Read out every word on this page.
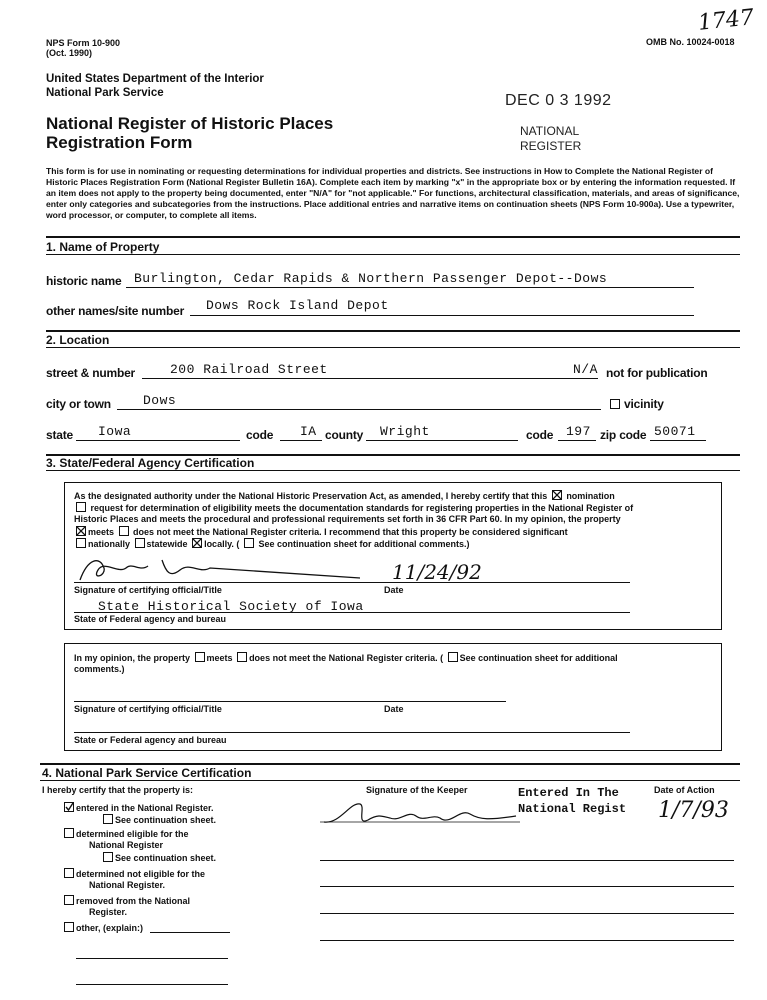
NPS Form 10-900
(Oct. 1990)
OMB No. 10024-0018
1747
United States Department of the Interior
National Park Service
National Register of Historic Places
Registration Form
DEC 0 3 1992
NATIONAL
REGISTER
This form is for use in nominating or requesting determinations for individual properties and districts. See instructions in How to Complete the National Register of Historic Places Registration Form (National Register Bulletin 16A). Complete each item by marking "x" in the appropriate box or by entering the information requested. If an item does not apply to the property being documented, enter "N/A" for "not applicable." For functions, architectural classification, materials, and areas of significance, enter only categories and subcategories from the instructions. Place additional entries and narrative items on continuation sheets (NPS Form 10-900a). Use a typewriter, word processor, or computer, to complete all items.
1. Name of Property
historic name Burlington, Cedar Rapids & Northern Passenger Depot--Dows
other names/site number Dows Rock Island Depot
2. Location
street & number	200 Railroad Street	N/A not for publication
city or town Dows	vicinity
state Iowa	code IA county Wright	code 197 zip code 50071
3. State/Federal Agency Certification
As the designated authority under the National Historic Preservation Act, as amended, I hereby certify that this nomination
request for determination of eligibility meets the documentation standards for registering properties in the National Register of
Historic Places and meets the procedural and professional requirements set forth in 36 CFR Part 60. In my opinion, the property
meets does not meet the National Register criteria. I recommend that this property be considered significant
nationally statewide locally. ( See continuation sheet for additional comments.)
11/24/92
Signature of certifying official/Title	Date
State Historical Society of Iowa
State of Federal agency and bureau
In my opinion, the property meets does not meet the National Register criteria. ( See continuation sheet for additional
comments.)
Signature of certifying official/Title	Date
State or Federal agency and bureau
4. National Park Service Certification
I hereby certify that the property is:	Signature of the Keeper	Date of Action
entered in the National Register.
See continuation sheet.
determined eligible for the
National Register
See continuation sheet.
determined not eligible for the
National Register.
removed from the National
Register.
other, (explain:)
Entered In The
National Regist 1/7/93
